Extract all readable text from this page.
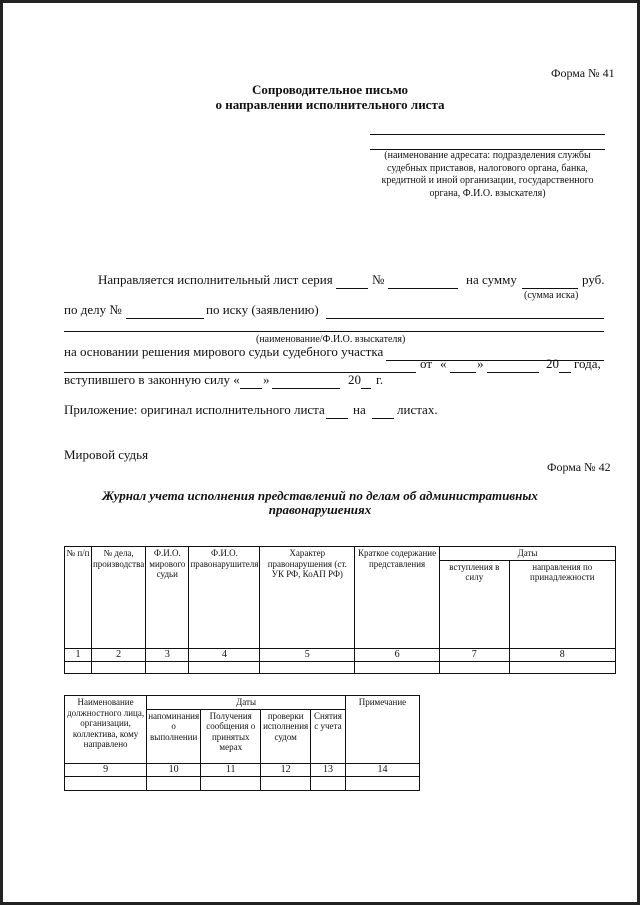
Форма № 41
Сопроводительное письмо
о направлении исполнительного листа
(наименование адресата: подразделения службы судебных приставов, налогового органа, банка, кредитной и иной организации, государственного органа, Ф.И.О. взыскателя)
Направляется исполнительный лист серия	№	на сумму	руб.
(сумма иска)
по делу №	по иску (заявлению)
(наименование/Ф.И.О. взыскателя)
на основании решения мирового судьи судебного участка
от « »	20 года,
вступившего в законную силу « »	20 г.
Приложение: оригинал исполнительного листа на листах.
Мировой судья
Форма № 42
Журнал учета исполнения представлений по делам об административных
правонарушениях
№ п/п	№ дела, производства	Ф.И.О. мирового судьи	Ф.И.О. правонарушителя	Характер правонарушения (ст. УК РФ, КоАП РФ)	Краткое содержание представления	Даты	
						вступления в силу	направления по принадлежности
1	2	3	4	5	6	7	8

Наименование должностного лица, организации, коллектива, кому направлено	Даты				Примечание
	напоминания о выполнении	Получения сообщения о принятых мерах	проверки исполнения судом	Снятия с учета	
9	10	11	12	13	14
